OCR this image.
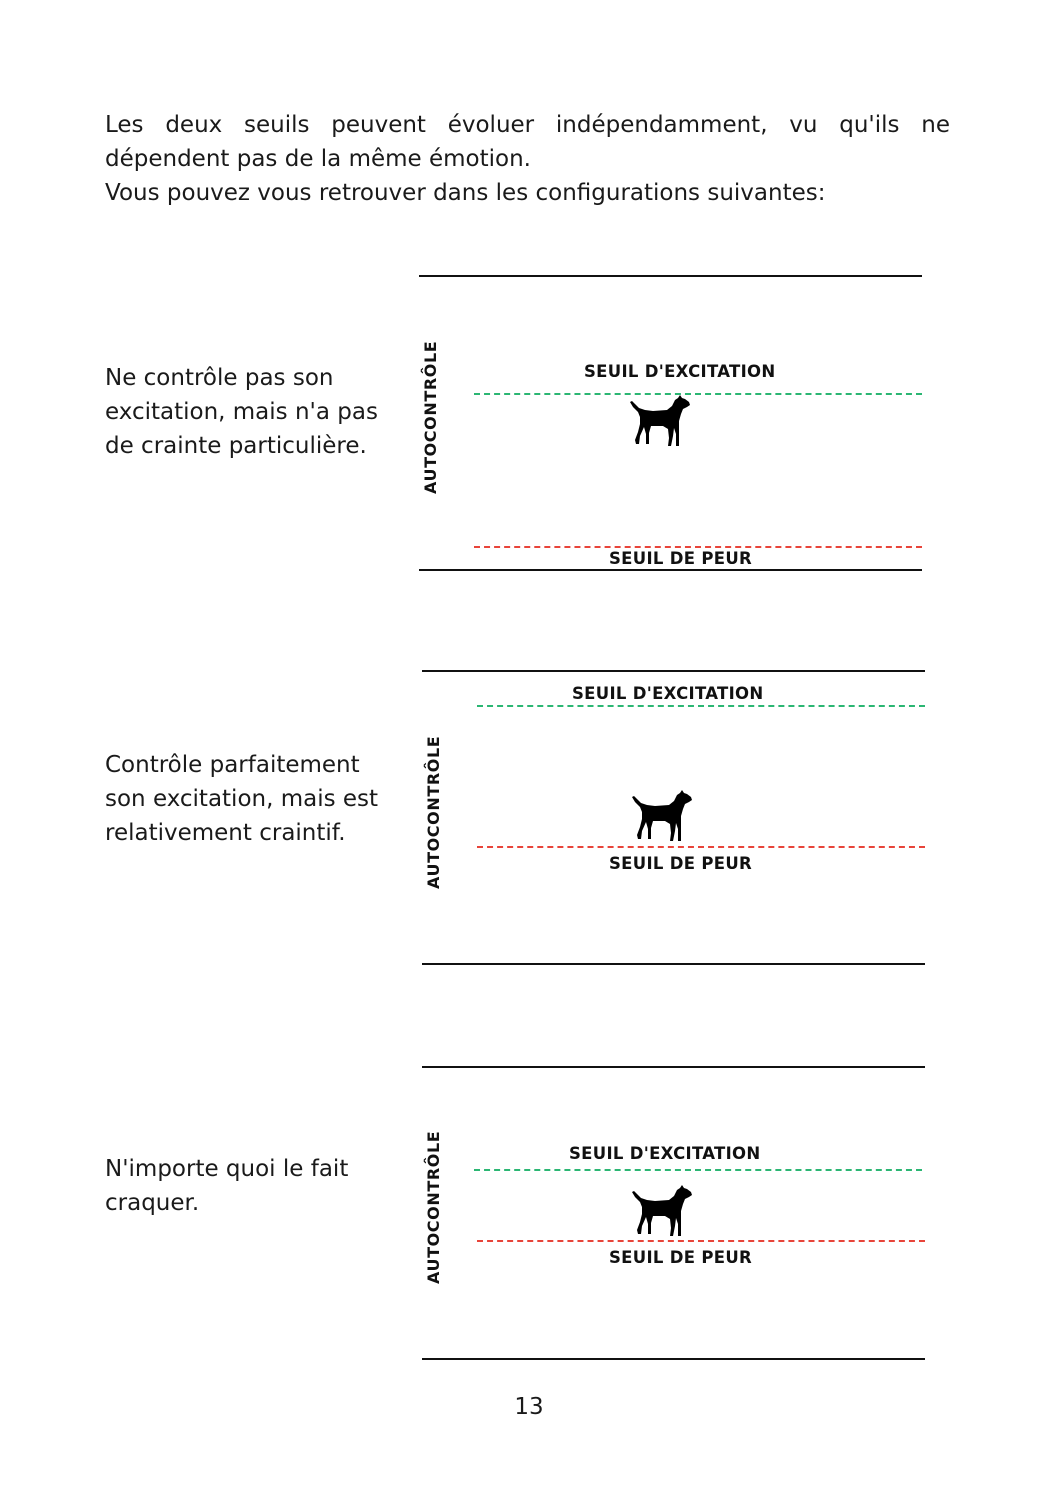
Les deux seuils peuvent évoluer indépendamment, vu qu'ils ne

dépendent pas de la même émotion.

Vous pouvez vous retrouver dans les configurations suivantes:

Ne contrôle pas son
excitation, mais n'a pas
de crainte particulière.	AUTOCONTRÔLE	SEUIL D'EXCITATION
SEUIL DE PEUR
Contrôle parfaitement
son excitation, mais est
relativement craintif.	AUTOCONTRÔLE
SEUIL D'EXCITATION
SEUIL DE PEUR
N'importe quoi le fait
craquer.	AUTOCONTRÔLE	SEUIL D'EXCITATION
SEUIL DE PEUR
13
